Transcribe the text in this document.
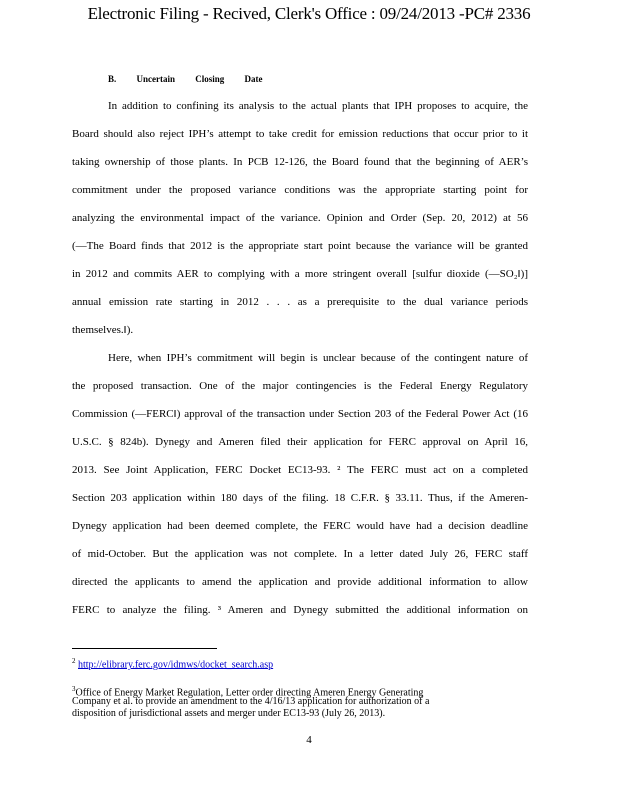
Electronic Filing - Recived, Clerk's Office : 09/24/2013 -PC# 2336
B. Uncertain Closing Date
In addition to confining its analysis to the actual plants that IPH proposes to acquire, the
Board should also reject IPH’s attempt to take credit for emission reductions that occur prior to it
taking ownership of those plants. In PCB 12-126, the Board found that the beginning of AER’s
commitment under the proposed variance conditions was the appropriate starting point for
analyzing the environmental impact of the variance. Opinion and Order (Sep. 20, 2012) at 56
(—The Board finds that 2012 is the appropriate start point because the variance will be granted
in 2012 and commits AER to complying with a more stringent overall [sulfur dioxide (—SO₂‖)]
annual emission rate starting in 2012 . . . as a prerequisite to the dual variance periods
themselves.‖).
Here, when IPH’s commitment will begin is unclear because of the contingent nature of
the proposed transaction. One of the major contingencies is the Federal Energy Regulatory
Commission (—FERC‖) approval of the transaction under Section 203 of the Federal Power Act (16
U.S.C. § 824b). Dynegy and Ameren filed their application for FERC approval on April 16,
2013. See Joint Application, FERC Docket EC13-93. ² The FERC must act on a completed
Section 203 application within 180 days of the filing. 18 C.F.R. § 33.11. Thus, if the Ameren-
Dynegy application had been deemed complete, the FERC would have had a decision deadline
of mid-October. But the application was not complete. In a letter dated July 26, FERC staff
directed the applicants to amend the application and provide additional information to allow
FERC to analyze the filing. ³ Ameren and Dynegy submitted the additional information on
$^2$ http://elibrary.ferc.gov/idmws/docket_search.asp
$^3$Office of Energy Market Regulation, Letter order directing Ameren Energy Generating
Company et al. to provide an amendment to the 4/16/13 application for authorization of a
disposition of jurisdictional assets and merger under EC13-93 (July 26, 2013).
4
